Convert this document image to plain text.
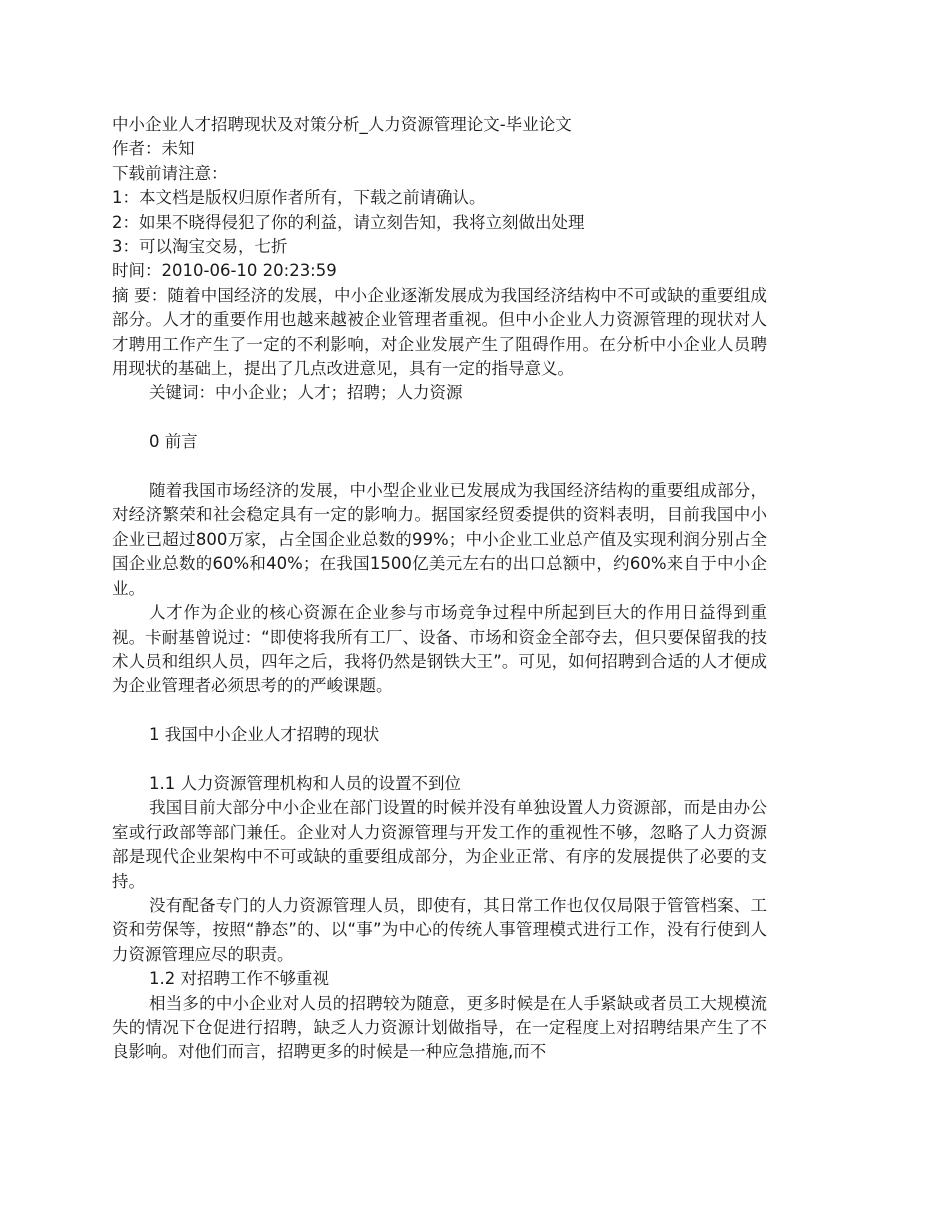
中小企业人才招聘现状及对策分析_人力资源管理论文-毕业论文

作者：未知

下载前请注意：

1：本文档是版权归原作者所有，下载之前请确认。

2：如果不晓得侵犯了你的利益，请立刻告知，我将立刻做出处理

3：可以淘宝交易，七折

时间：2010-06-10 20:23:59

摘 要：随着中国经济的发展，中小企业逐渐发展成为我国经济结构中不可或缺的重要组成部分。人才的重要作用也越来越被企业管理者重视。但中小企业人力资源管理的现状对人才聘用工作产生了一定的不利影响，对企业发展产生了阻碍作用。在分析中小企业人员聘用现状的基础上，提出了几点改进意见，具有一定的指导意义。

关键词：中小企业；人才；招聘；人力资源

0 前言

随着我国市场经济的发展，中小型企业业已发展成为我国经济结构的重要组成部分，对经济繁荣和社会稳定具有一定的影响力。据国家经贸委提供的资料表明，目前我国中小企业已超过800万家，占全国企业总数的99%；中小企业工业总产值及实现利润分别占全国企业总数的60%和40%；在我国1500亿美元左右的出口总额中，约60%来自于中小企业。

人才作为企业的核心资源在企业参与市场竞争过程中所起到巨大的作用日益得到重视。卡耐基曾说过：“即使将我所有工厂、设备、市场和资金全部夺去，但只要保留我的技术人员和组织人员，四年之后，我将仍然是钢铁大王”。可见，如何招聘到合适的人才便成为企业管理者必须思考的的严峻课题。

1 我国中小企业人才招聘的现状

1.1 人力资源管理机构和人员的设置不到位

我国目前大部分中小企业在部门设置的时候并没有单独设置人力资源部，而是由办公室或行政部等部门兼任。企业对人力资源管理与开发工作的重视性不够，忽略了人力资源部是现代企业架构中不可或缺的重要组成部分，为企业正常、有序的发展提供了必要的支持。

没有配备专门的人力资源管理人员，即使有，其日常工作也仅仅局限于管管档案、工资和劳保等，按照“静态”的、以“事”为中心的传统人事管理模式进行工作，没有行使到人力资源管理应尽的职责。

1.2 对招聘工作不够重视

相当多的中小企业对人员的招聘较为随意，更多时候是在人手紧缺或者员工大规模流失的情况下仓促进行招聘，缺乏人力资源计划做指导，在一定程度上对招聘结果产生了不良影响。对他们而言，招聘更多的时候是一种应急措施,而不
